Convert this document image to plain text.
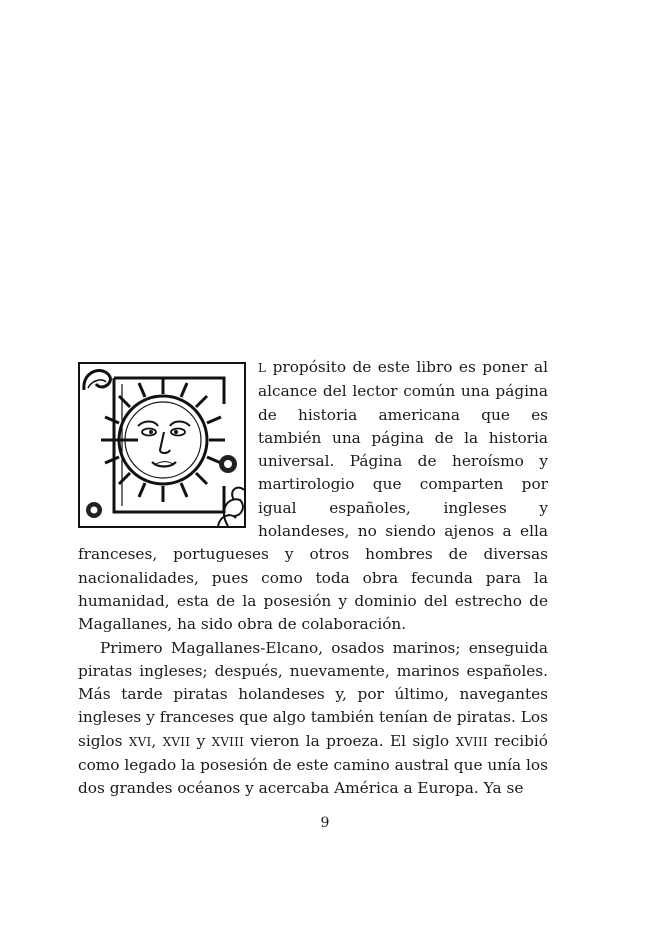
L propósito de este libro es poner al alcance del lector común una página de historia americana que es también una página de la historia universal. Página de heroísmo y martirologio que comparten por igual españoles, ingleses y holandeses, no siendo ajenos a ella franceses, portugueses y otros hombres de diversas nacionalidades, pues como toda obra fecunda para la humanidad, esta de la posesión y dominio del estrecho de Magallanes, ha sido obra de colaboración.

Primero Magallanes-Elcano, osados marinos; enseguida piratas ingleses; después, nuevamente, marinos españoles. Más tarde piratas holandeses y, por último, navegantes ingleses y franceses que algo también tenían de piratas. Los siglos XVI, XVII y XVIII vieron la proeza. El siglo XVIII recibió como legado la posesión de este camino austral que unía los dos grandes océanos y acercaba América a Europa. Ya se

9
